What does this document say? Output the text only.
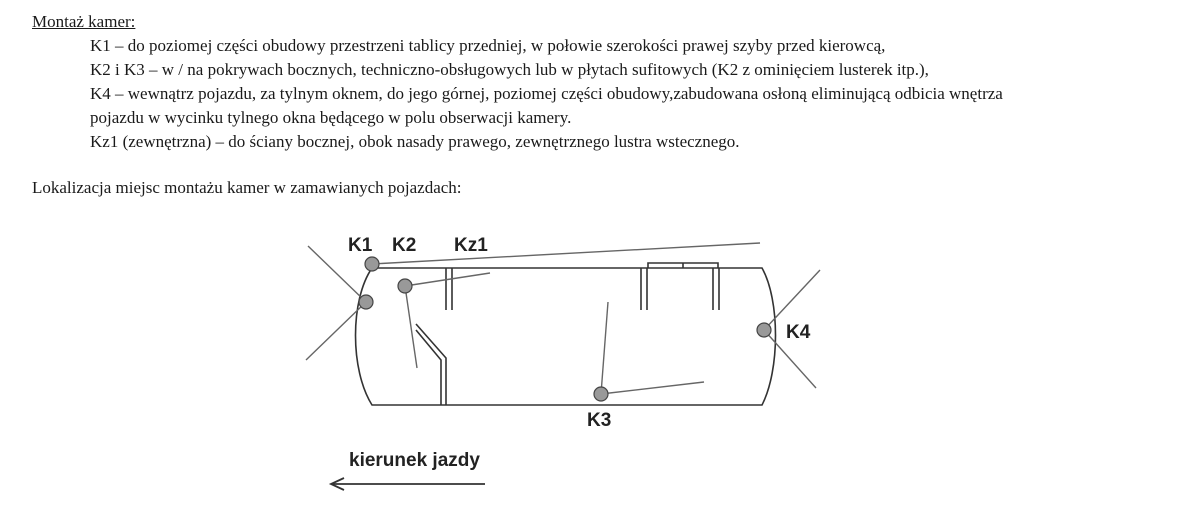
Montaż kamer:

K1 – do poziomej części obudowy przestrzeni tablicy przedniej, w połowie szerokości prawej szyby przed kierowcą,
K2 i K3 – w / na pokrywach bocznych, techniczno-obsługowych lub w płytach sufitowych (K2 z ominięciem lusterek itp.),
K4 – wewnątrz pojazdu, za tylnym oknem, do jego górnej, poziomej części obudowy,zabudowana osłoną eliminującą odbicia wnętrza
pojazdu w wycinku tylnego okna będącego w polu obserwacji kamery.
Kz1 (zewnętrzna) – do ściany bocznej, obok nasady prawego, zewnętrznego lustra wstecznego.

Lokalizacja miejsc montażu kamer w zamawianych pojazdach:

K1 K2 Kz1
K3
K4
kierunek jazdy
